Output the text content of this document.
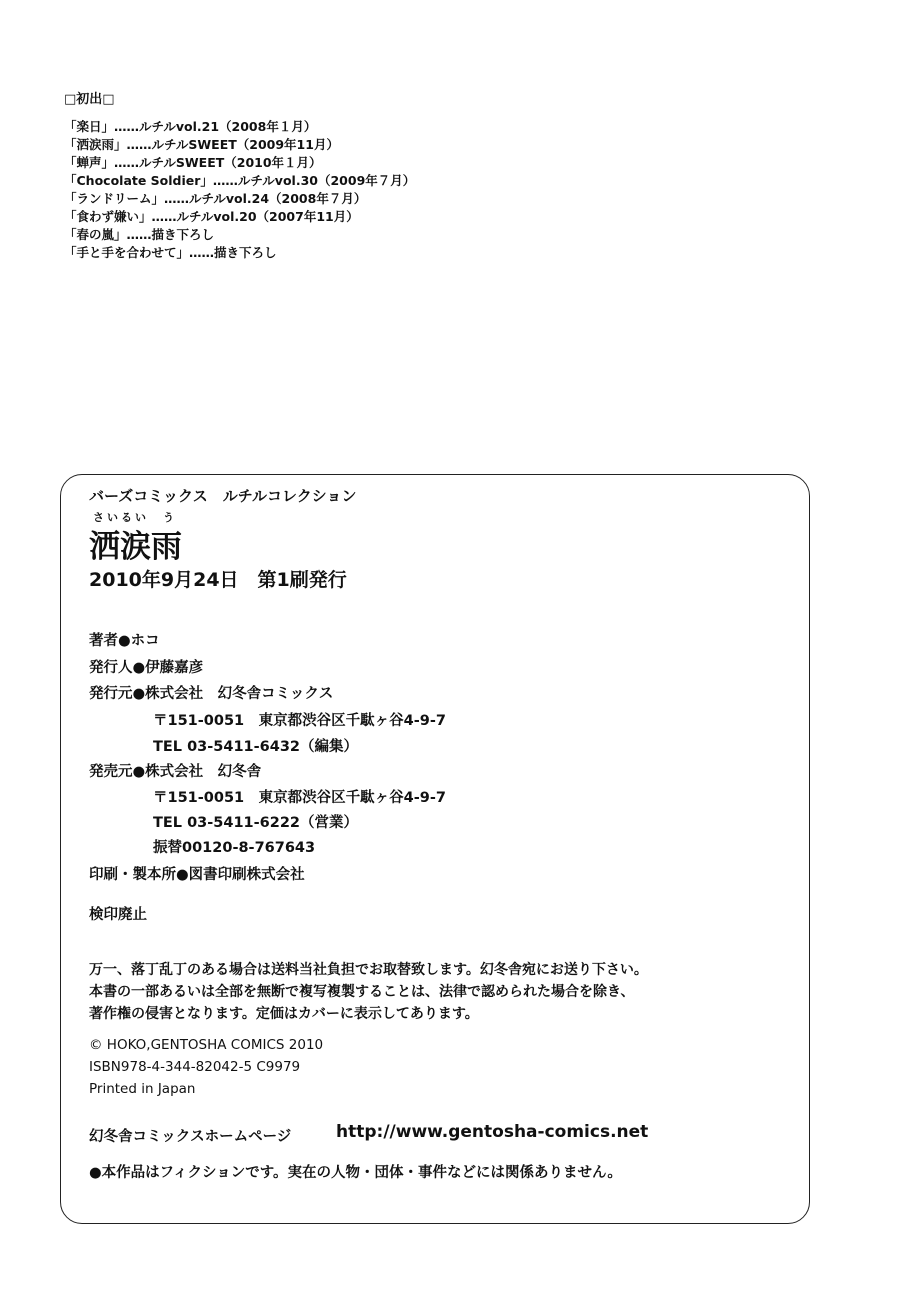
□初出□
「楽日」……ルチルvol.21（2008年１月）
「洒涙雨」……ルチルSWEET（2009年11月）
「蝉声」……ルチルSWEET（2010年１月）
「Chocolate Soldier」……ルチルvol.30（2009年７月）
「ランドリーム」……ルチルvol.24（2008年７月）
「食わず嫌い」……ルチルvol.20（2007年11月）
「春の嵐」……描き下ろし
「手と手を合わせて」……描き下ろし
バーズコミックス　ルチルコレクション
さいるい　う
洒涙雨
2010年9月24日　第1刷発行
著者●ホコ
発行人●伊藤嘉彦
発行元●株式会社　幻冬舎コミックス
〒151-0051　東京都渋谷区千駄ヶ谷4-9-7
TEL 03-5411-6432（編集）
発売元●株式会社　幻冬舎
〒151-0051　東京都渋谷区千駄ヶ谷4-9-7
TEL 03-5411-6222（営業）
振替00120-8-767643
印刷・製本所●図書印刷株式会社
検印廃止
万一、落丁乱丁のある場合は送料当社負担でお取替致します。幻冬舎宛にお送り下さい。
本書の一部あるいは全部を無断で複写複製することは、法律で認められた場合を除き、
著作権の侵害となります。定価はカバーに表示してあります。
© HOKO,GENTOSHA COMICS 2010
ISBN978-4-344-82042-5 C9979
Printed in Japan
幻冬舎コミックスホームページ	http://www.gentosha-comics.net
●本作品はフィクションです。実在の人物・団体・事件などには関係ありません。
